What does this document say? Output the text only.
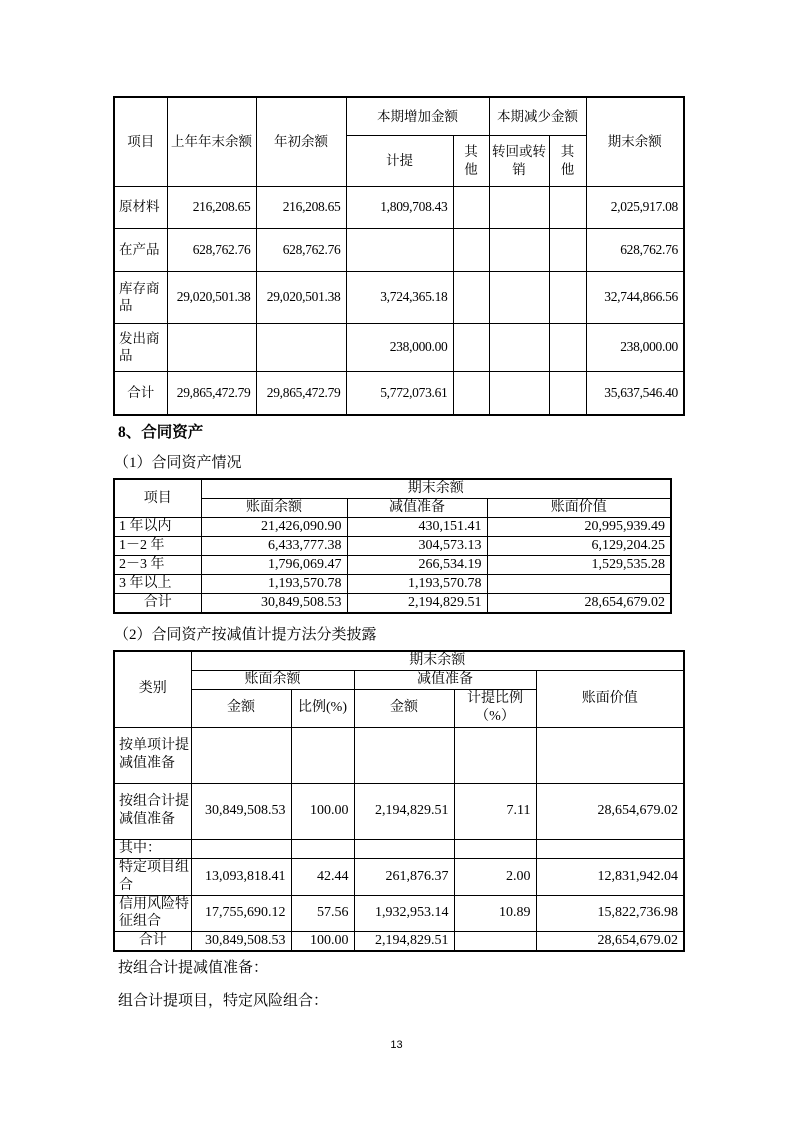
项目	上年年末余额	年初余额	本期增加金额		本期减少金额		期末余额
			计提	其他	转回或转销	其他	
原材料	216,208.65	216,208.65	1,809,708.43				2,025,917.08
在产品	628,762.76	628,762.76					628,762.76
库存商品	29,020,501.38	29,020,501.38	3,724,365.18				32,744,866.56
发出商品			238,000.00				238,000.00
合计	29,865,472.79	29,865,472.79	5,772,073.61				35,637,546.40
8、合同资产
（1）合同资产情况
项目	期末余额		
	账面余额	减值准备	账面价值
1 年以内	21,426,090.90	430,151.41	20,995,939.49
1－2 年	6,433,777.38	304,573.13	6,129,204.25
2－3 年	1,796,069.47	266,534.19	1,529,535.28
3 年以上	1,193,570.78	1,193,570.78	
合计	30,849,508.53	2,194,829.51	28,654,679.02
（2）合同资产按减值计提方法分类披露
类别	期末余额				
	账面余额		减值准备		账面价值
	金额	比例(%)	金额	计提比例（%）	
按单项计提减值准备					
按组合计提减值准备	30,849,508.53	100.00	2,194,829.51	7.11	28,654,679.02
其中：					
特定项目组合	13,093,818.41	42.44	261,876.37	2.00	12,831,942.04
信用风险特征组合	17,755,690.12	57.56	1,932,953.14	10.89	15,822,736.98
合计	30,849,508.53	100.00	2,194,829.51		28,654,679.02
按组合计提减值准备：
组合计提项目，特定风险组合：
13
